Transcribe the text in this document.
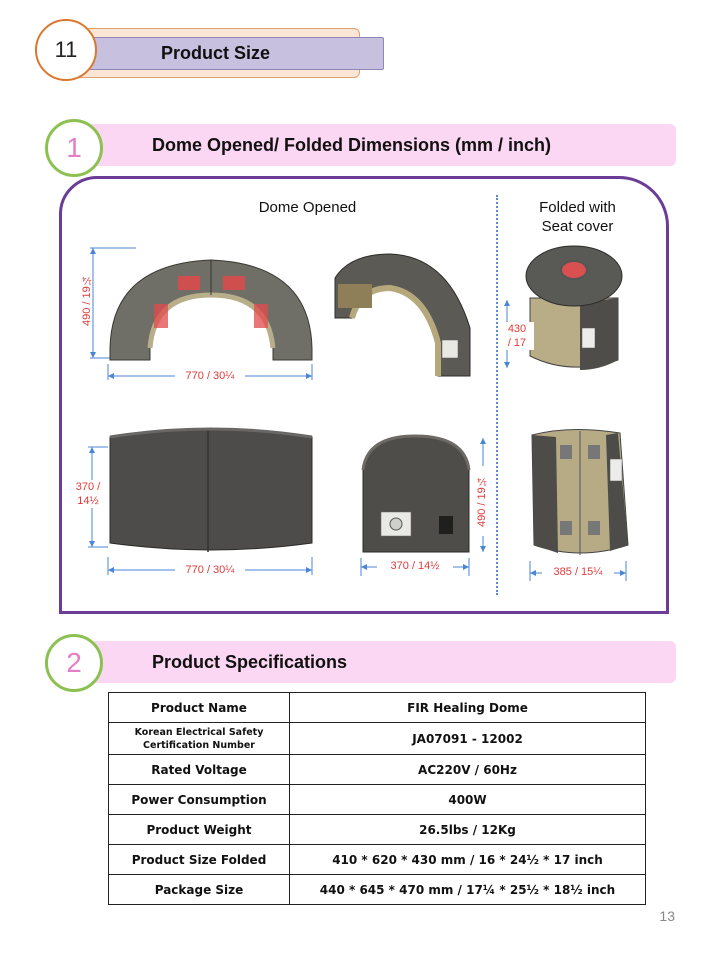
Product Size
11
Dome Opened/ Folded Dimensions (mm / inch)
1
Dome Opened	Folded with
Seat cover
490 / 19¼
770 / 30¼
430
/ 17
370 /
14½
770 / 30¼
490 / 19¼
370 / 14½	385 / 15¼
Product Specifications
2
Product Name	FIR Healing Dome

Korean Electrical Safety
Certification Number	JA07091 - 12002
Rated Voltage	AC220V / 60Hz
Power Consumption	400W
Product Weight	26.5lbs / 12Kg
Product Size Folded	410 * 620 * 430 mm / 16 * 24½ * 17 inch
Package Size	440 * 645 * 470 mm / 17¼ * 25½ * 18½ inch
13
